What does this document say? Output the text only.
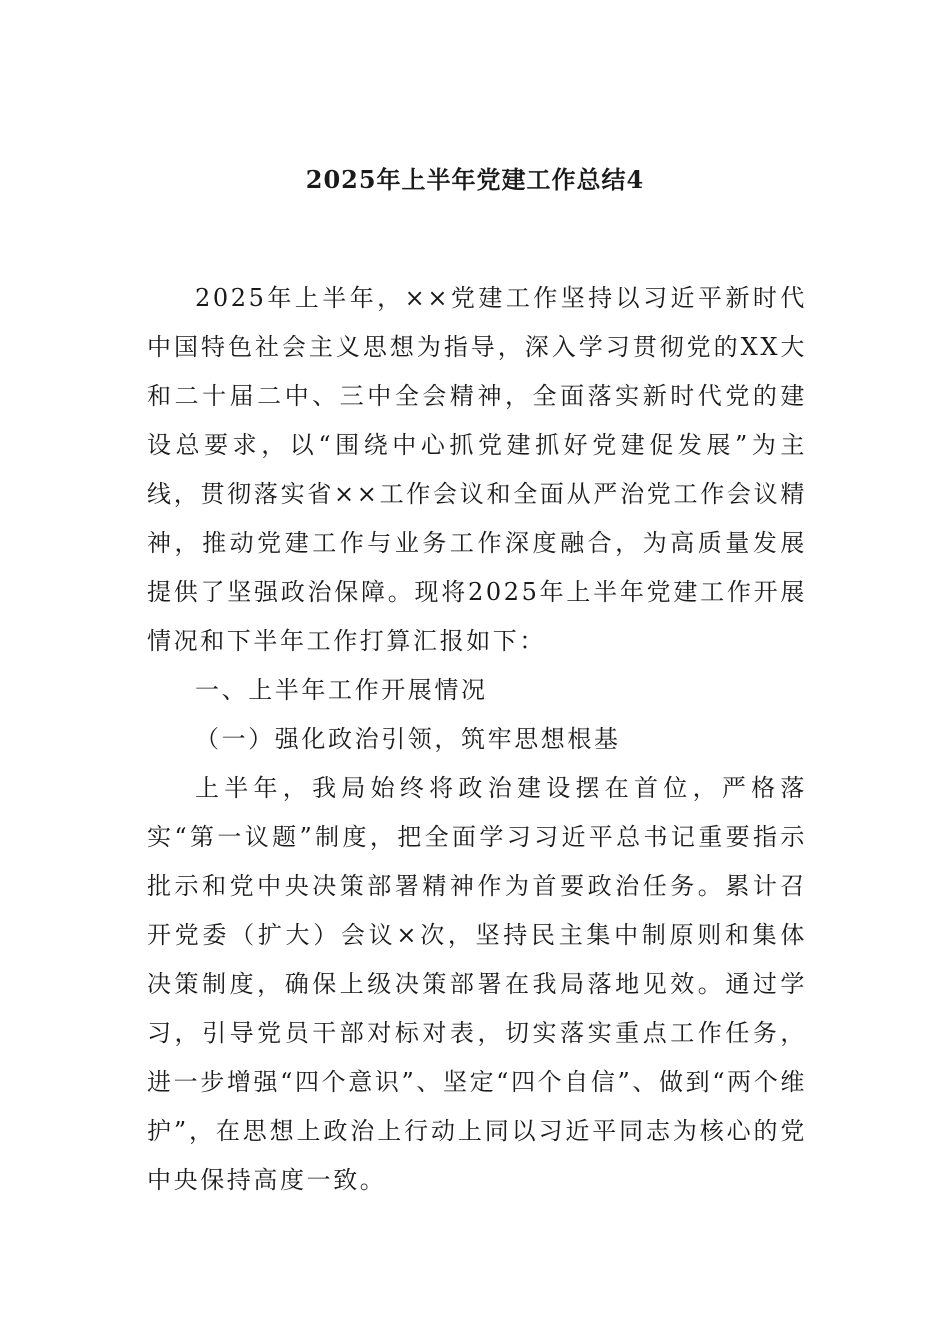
2025年上半年党建工作总结4

2025年上半年，××党建工作坚持以习近平新时代中国特色社会主义思想为指导，深入学习贯彻党的XX大和二十届二中、三中全会精神，全面落实新时代党的建设总要求，以“围绕中心抓党建抓好党建促发展”为主线，贯彻落实省××工作会议和全面从严治党工作会议精神，推动党建工作与业务工作深度融合，为高质量发展提供了坚强政治保障。现将2025年上半年党建工作开展情况和下半年工作打算汇报如下：

一、上半年工作开展情况

（一）强化政治引领，筑牢思想根基

上半年，我局始终将政治建设摆在首位，严格落实“第一议题”制度，把全面学习习近平总书记重要指示批示和党中央决策部署精神作为首要政治任务。累计召开党委（扩大）会议×次，坚持民主集中制原则和集体决策制度，确保上级决策部署在我局落地见效。通过学习，引导党员干部对标对表，切实落实重点工作任务，进一步增强“四个意识”、坚定“四个自信”、做到“两个维护”，在思想上政治上行动上同以习近平同志为核心的党中央保持高度一致。
